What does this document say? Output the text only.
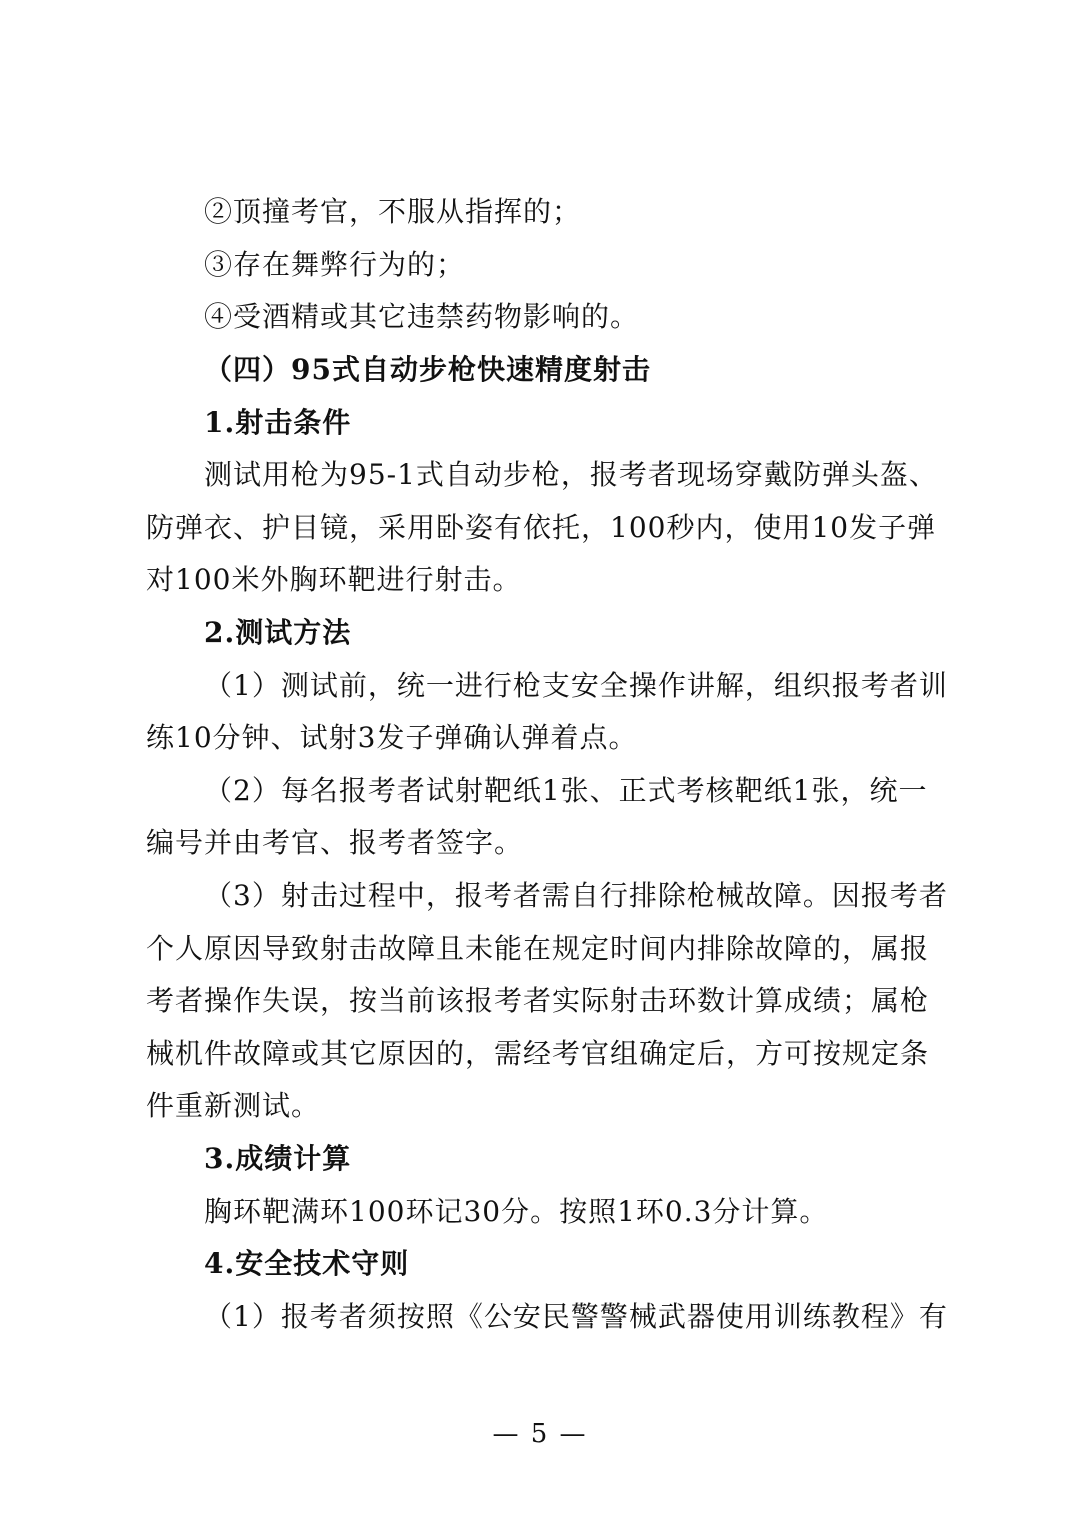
②顶撞考官，不服从指挥的；
③存在舞弊行为的；
④受酒精或其它违禁药物影响的。
（四）95式自动步枪快速精度射击
1.射击条件
测试用枪为95-1式自动步枪，报考者现场穿戴防弹头盔、
防弹衣、护目镜，采用卧姿有依托，100秒内，使用10发子弹
对100米外胸环靶进行射击。
2.测试方法
（1）测试前，统一进行枪支安全操作讲解，组织报考者训
练10分钟、试射3发子弹确认弹着点。
（2）每名报考者试射靶纸1张、正式考核靶纸1张，统一
编号并由考官、报考者签字。
（3）射击过程中，报考者需自行排除枪械故障。因报考者
个人原因导致射击故障且未能在规定时间内排除故障的，属报
考者操作失误，按当前该报考者实际射击环数计算成绩；属枪
械机件故障或其它原因的，需经考官组确定后，方可按规定条
件重新测试。
3.成绩计算
胸环靶满环100环记30分。按照1环0.3分计算。
4.安全技术守则
（1）报考者须按照《公安民警警械武器使用训练教程》有
— 5 —
